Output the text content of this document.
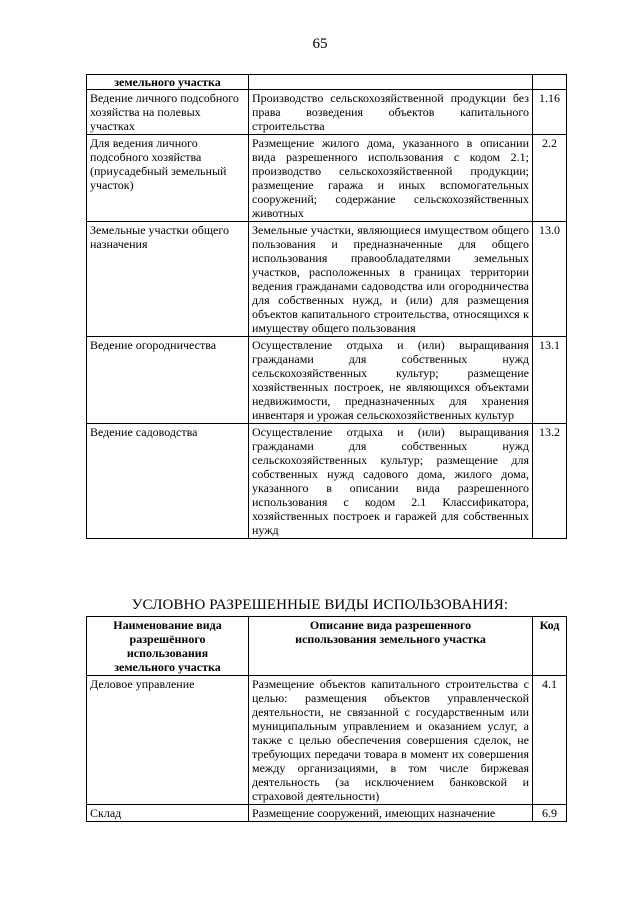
65
земельного участка		
Ведение личного подсобного хозяйства на полевых участках	Производство сельскохозяйственной продукции без права возведения объектов капитального строительства	1.16
Для ведения личного подсобного хозяйства (приусадебный земельный участок)	Размещение жилого дома, указанного в описании вида разрешенного использования с кодом 2.1; производство сельскохозяйственной продукции; размещение гаража и иных вспомогательных сооружений; содержание сельскохозяйственных животных	2.2
Земельные участки общего назначения	Земельные участки, являющиеся имуществом общего пользования и предназначенные для общего использования правообладателями земельных участков, расположенных в границах территории ведения гражданами садоводства или огородничества для собственных нужд, и (или) для размещения объектов капитального строительства, относящихся к имуществу общего пользования	13.0
Ведение огородничества	Осуществление отдыха и (или) выращивания гражданами для собственных нужд сельскохозяйственных культур; размещение хозяйственных построек, не являющихся объектами недвижимости, предназначенных для хранения инвентаря и урожая сельскохозяйственных культур	13.1
Ведение садоводства	Осуществление отдыха и (или) выращивания гражданами для собственных нужд сельскохозяйственных культур; размещение для собственных нужд садового дома, жилого дома, указанного в описании вида разрешенного использования с кодом 2.1 Классификатора, хозяйственных построек и гаражей для собственных нужд	13.2
УСЛОВНО РАЗРЕШЕННЫЕ ВИДЫ ИСПОЛЬЗОВАНИЯ:
Наименование вида разрешённого использования земельного участка	Описание вида разрешенного использования земельного участка	Код
Деловое управление	Размещение объектов капитального строительства с целью: размещения объектов управленческой деятельности, не связанной с государственным или муниципальным управлением и оказанием услуг, а также с целью обеспечения совершения сделок, не требующих передачи товара в момент их совершения между организациями, в том числе биржевая деятельность (за исключением банковской и страховой деятельности)	4.1
Склад	Размещение сооружений, имеющих назначение	6.9
